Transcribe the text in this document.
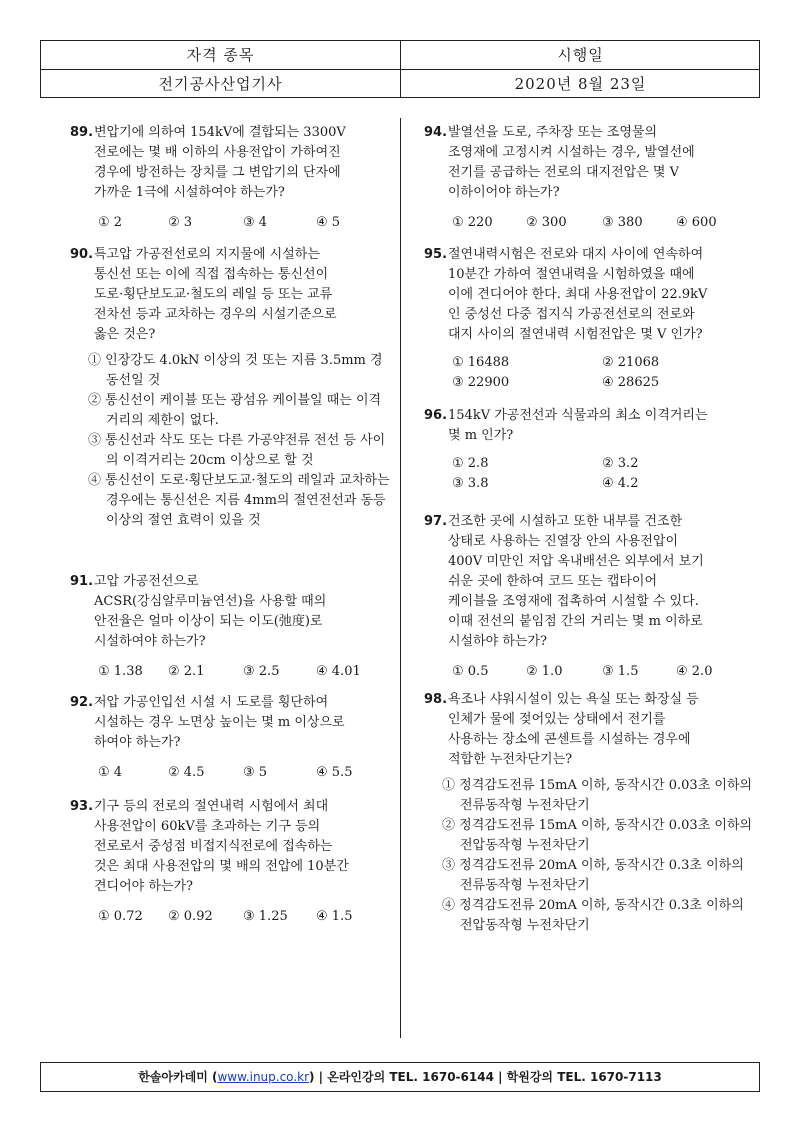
자격 종목	시행일
전기공사산업기사	2020년 8월 23일
89. 변압기에 의하여 154kV에 결합되는 3300V
전로에는 몇 배 이하의 사용전압이 가하여진
경우에 방전하는 장치를 그 변압기의 단자에
가까운 1극에 시설하여야 하는가?
① 2	② 3	③ 4	④ 5
90. 특고압 가공전선로의 지지물에 시설하는
통신선 또는 이에 직접 접속하는 통신선이
도로·횡단보도교·철도의 레일 등 또는 교류
전차선 등과 교차하는 경우의 시설기준으로
옳은 것은?
① 인장강도 4.0kN 이상의 것 또는 지름 3.5mm 경동선일 것
② 통신선이 케이블 또는 광섬유 케이블일 때는 이격거리의 제한이 없다.
③ 통신선과 삭도 또는 다른 가공약전류 전선 등 사이의 이격거리는 20cm 이상으로 할 것
④ 통신선이 도로·횡단보도교·철도의 레일과 교차하는 경우에는 통신선은 지름 4mm의 절연전선과 동등 이상의 절연 효력이 있을 것
91. 고압 가공전선으로
ACSR(강심알루미늄연선)을 사용할 때의
안전율은 얼마 이상이 되는 이도(弛度)로
시설하여야 하는가?
① 1.38 ② 2.1	③ 2.5	④ 4.01
92. 저압 가공인입선 시설 시 도로를 횡단하여
시설하는 경우 노면상 높이는 몇 m 이상으로
하여야 하는가?
① 4	② 4.5	③ 5	④ 5.5
93. 기구 등의 전로의 절연내력 시험에서 최대
사용전압이 60kV를 초과하는 기구 등의
전로로서 중성점 비접지식전로에 접속하는
것은 최대 사용전압의 몇 배의 전압에 10분간
견디어야 하는가?
① 0.72 ② 0.92 ③ 1.25 ④ 1.5
94. 발열선을 도로, 주차장 또는 조영물의
조영재에 고정시켜 시설하는 경우, 발열선에
전기를 공급하는 전로의 대지전압은 몇 V
이하이어야 하는가?
① 220	② 300	③ 380	④ 600
95. 절연내력시험은 전로와 대지 사이에 연속하여
10분간 가하여 절연내력을 시험하였을 때에
이에 견디어야 한다. 최대 사용전압이 22.9kV
인 중성선 다중 접지식 가공전선로의 전로와
대지 사이의 절연내력 시험전압은 몇 V 인가?
① 16488	② 21068
③ 22900	④ 28625
96. 154kV 가공전선과 식물과의 최소 이격거리는
몇 m 인가?
① 2.8	② 3.2
③ 3.8	④ 4.2
97. 건조한 곳에 시설하고 또한 내부를 건조한
상태로 사용하는 진열장 안의 사용전압이
400V 미만인 저압 옥내배선은 외부에서 보기
쉬운 곳에 한하여 코드 또는 캡타이어
케이블을 조영재에 접촉하여 시설할 수 있다.
이때 전선의 붙임점 간의 거리는 몇 m 이하로
시설하야 하는가?
① 0.5	② 1.0	③ 1.5	④ 2.0
98. 욕조나 샤워시설이 있는 욕실 또는 화장실 등
인체가 물에 젖어있는 상태에서 전기를
사용하는 장소에 콘센트를 시설하는 경우에
적합한 누전차단기는?
① 정격감도전류 15mA 이하, 동작시간 0.03초 이하의 전류동작형 누전차단기
② 정격감도전류 15mA 이하, 동작시간 0.03초 이하의 전압동작형 누전차단기
③ 정격감도전류 20mA 이하, 동작시간 0.3초 이하의 전류동작형 누전차단기
④ 정격감도전류 20mA 이하, 동작시간 0.3초 이하의 전압동작형 누전차단기
한솔아카데미 (www.inup.co.kr) | 온라인강의 TEL. 1670-6144 | 학원강의 TEL. 1670-7113
